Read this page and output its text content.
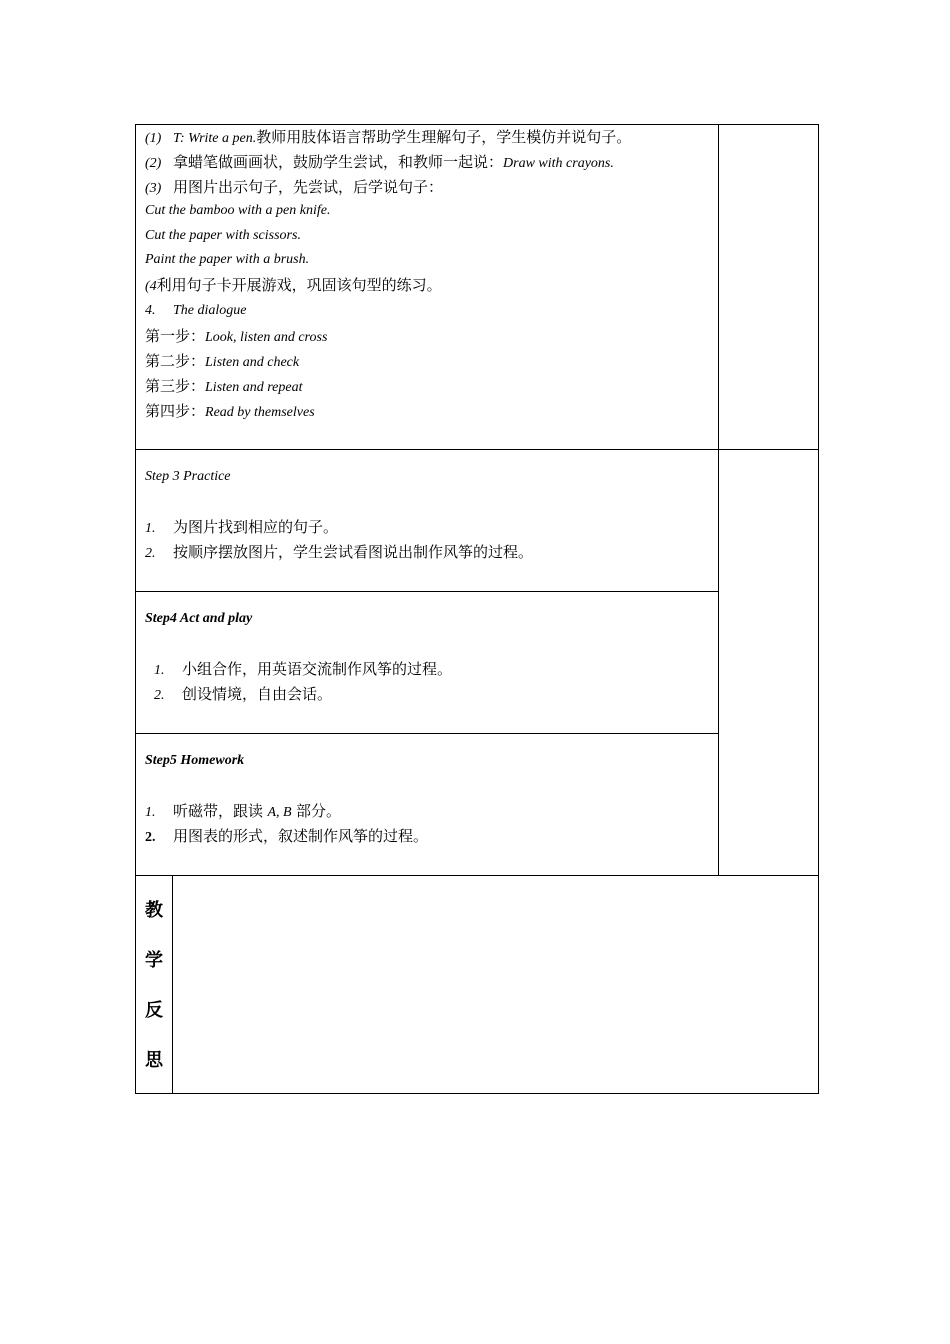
(1) T: Write a pen.教师用肢体语言帮助学生理解句子，学生模仿并说句子。
(2) 拿蜡笔做画画状，鼓励学生尝试，和教师一起说：Draw with crayons.
(3) 用图片出示句子，先尝试，后学说句子：
Cut the bamboo with a pen knife.
Cut the paper with scissors.
Paint the paper with a brush.
(4利用句子卡开展游戏，巩固该句型的练习。
4. The dialogue
第一步：Look, listen and cross
第二步：Listen and check
第三步：Listen and repeat
第四步：Read by themselves
Step 3 Practice
1. 为图片找到相应的句子。
2. 按顺序摆放图片，学生尝试看图说出制作风筝的过程。
Step4 Act and play
1. 小组合作，用英语交流制作风筝的过程。
2. 创设情境，自由会话。
Step5 Homework
1. 听磁带，跟读 A, B 部分。
2. 用图表的形式，叙述制作风筝的过程。
教
学
反
思
